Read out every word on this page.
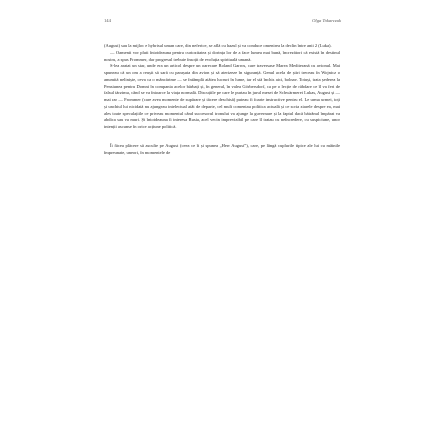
144	Olga Tokarczuk

(August) sau la mijloc e hybrisul uman care, din neferice, se află cu hazul și va conduce omenirea la declin între anii 2 (Luka).

— Oamenii vor pluti întotdeauna pentru curiozitatea și dorința lor de a face lumea mai bună, încrezători că există în destinul nostru, a spus Frommer, dar progresul trebuie însoțit de evoluția spirituală umană.

S-lea aratat un star, unde era un articol despre un oarecare Roland Garros, care traversase Marea Mediterană cu avionul. Mai spuneau că un om a reușit să sară cu parașuta din avion și să aterizeze în siguranță. Genul acela de știri treceau în Wojnicz o anumită neliniște, ceva ca o mâncărime — se întâmplă atâtea lucruri în lume, iar el stă închis aici, bolnav. Totuși, trata șederea la Pensiunea pentru Domni în compania acelor bărbați și, în general, în valea Görbersdorf, ca pe o lecție de răbdare ce îl va feri de falsul tărzimu, când se va întoarce la viața normală. Discuțiile pe care le purtau în jurul mesei de Schwärmerei Lukas, August și — mai rar — Frommer (care avea momente de supărare și tăcere deschisă) puteau fi foarte instructive pentru el. Le urma urmei, toți și unchiul lui nicidată nu ajungeau intelectual atât de departe, cel mult comentau politica actuală și ce scria ziarele despre ea, mai ales toate speculațiile ce priveau momentul când succesorul tronului va ajunge la guvernare și la faptul dacă bătrânul împărat va abdica sau va muri. Și întotdeauna îi interesa Rusia, acel vecin imprevizibil pe care îl tratau cu neîncredere, cu suspiciune, unor intenții ascunse în orice acțiune politică.

Îi făcea plăcere să asculte pe August (ceea ce îi și spunea „Herr August”), care, pe lângă cuplurile tipice ale lui cu mâinile împreunate, uneori, în momentele de
